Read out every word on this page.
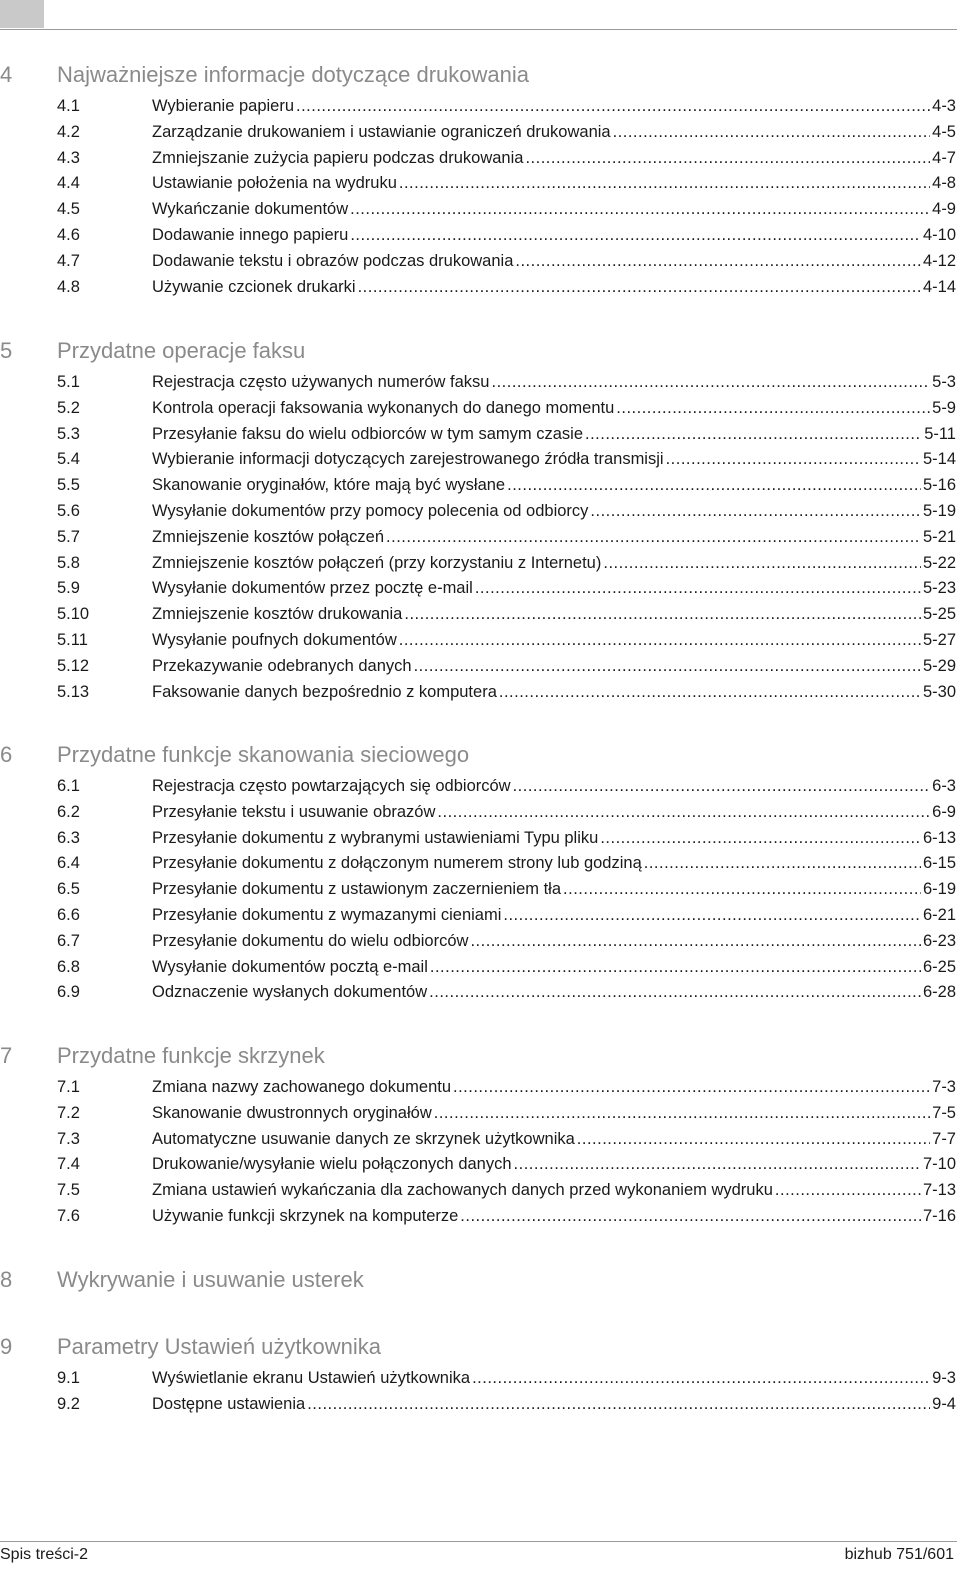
4 Najważniejsze informacje dotyczące drukowania
4.1	Wybieranie papieru .....	4-3
4.2	Zarządzanie drukowaniem i ustawianie ograniczeń drukowania .....	4-5
4.3	Zmniejszanie zużycia papieru podczas drukowania .....	4-7
4.4	Ustawianie położenia na wydruku .....	4-8
4.5	Wykańczanie dokumentów .....	4-9
4.6	Dodawanie innego papieru .....	4-10
4.7	Dodawanie tekstu i obrazów podczas drukowania .....	4-12
4.8	Używanie czcionek drukarki .....	4-14
5 Przydatne operacje faksu
5.1	Rejestracja często używanych numerów faksu .....	5-3
5.2	Kontrola operacji faksowania wykonanych do danego momentu .....	5-9
5.3	Przesyłanie faksu do wielu odbiorców w tym samym czasie .....	5-11
5.4	Wybieranie informacji dotyczących zarejestrowanego źródła transmisji .....	5-14
5.5	Skanowanie oryginałów, które mają być wysłane .....	5-16
5.6	Wysyłanie dokumentów przy pomocy polecenia od odbiorcy .....	5-19
5.7	Zmniejszenie kosztów połączeń .....	5-21
5.8	Zmniejszenie kosztów połączeń (przy korzystaniu z Internetu) .....	5-22
5.9	Wysyłanie dokumentów przez pocztę e-mail .....	5-23
5.10	Zmniejszenie kosztów drukowania .....	5-25
5.11	Wysyłanie poufnych dokumentów .....	5-27
5.12	Przekazywanie odebranych danych .....	5-29
5.13	Faksowanie danych bezpośrednio z komputera .....	5-30
6 Przydatne funkcje skanowania sieciowego
6.1	Rejestracja często powtarzających się odbiorców .....	6-3
6.2	Przesyłanie tekstu i usuwanie obrazów .....	6-9
6.3	Przesyłanie dokumentu z wybranymi ustawieniami Typu pliku .....	6-13
6.4	Przesyłanie dokumentu z dołączonym numerem strony lub godziną .....	6-15
6.5	Przesyłanie dokumentu z ustawionym zaczernieniem tła .....	6-19
6.6	Przesyłanie dokumentu z wymazanymi cieniami .....	6-21
6.7	Przesyłanie dokumentu do wielu odbiorców .....	6-23
6.8	Wysyłanie dokumentów pocztą e-mail .....	6-25
6.9	Odznaczenie wysłanych dokumentów .....	6-28
7 Przydatne funkcje skrzynek
7.1	Zmiana nazwy zachowanego dokumentu .....	7-3
7.2	Skanowanie dwustronnych oryginałów .....	7-5
7.3	Automatyczne usuwanie danych ze skrzynek użytkownika .....	7-7
7.4	Drukowanie/wysyłanie wielu połączonych danych .....	7-10
7.5	Zmiana ustawień wykańczania dla zachowanych danych przed wykonaniem wydruku .....	7-13
7.6	Używanie funkcji skrzynek na komputerze .....	7-16
8 Wykrywanie i usuwanie usterek
9 Parametry Ustawień użytkownika
9.1	Wyświetlanie ekranu Ustawień użytkownika .....	9-3
9.2	Dostępne ustawienia .....	9-4
Spis treści-2	bizhub 751/601
